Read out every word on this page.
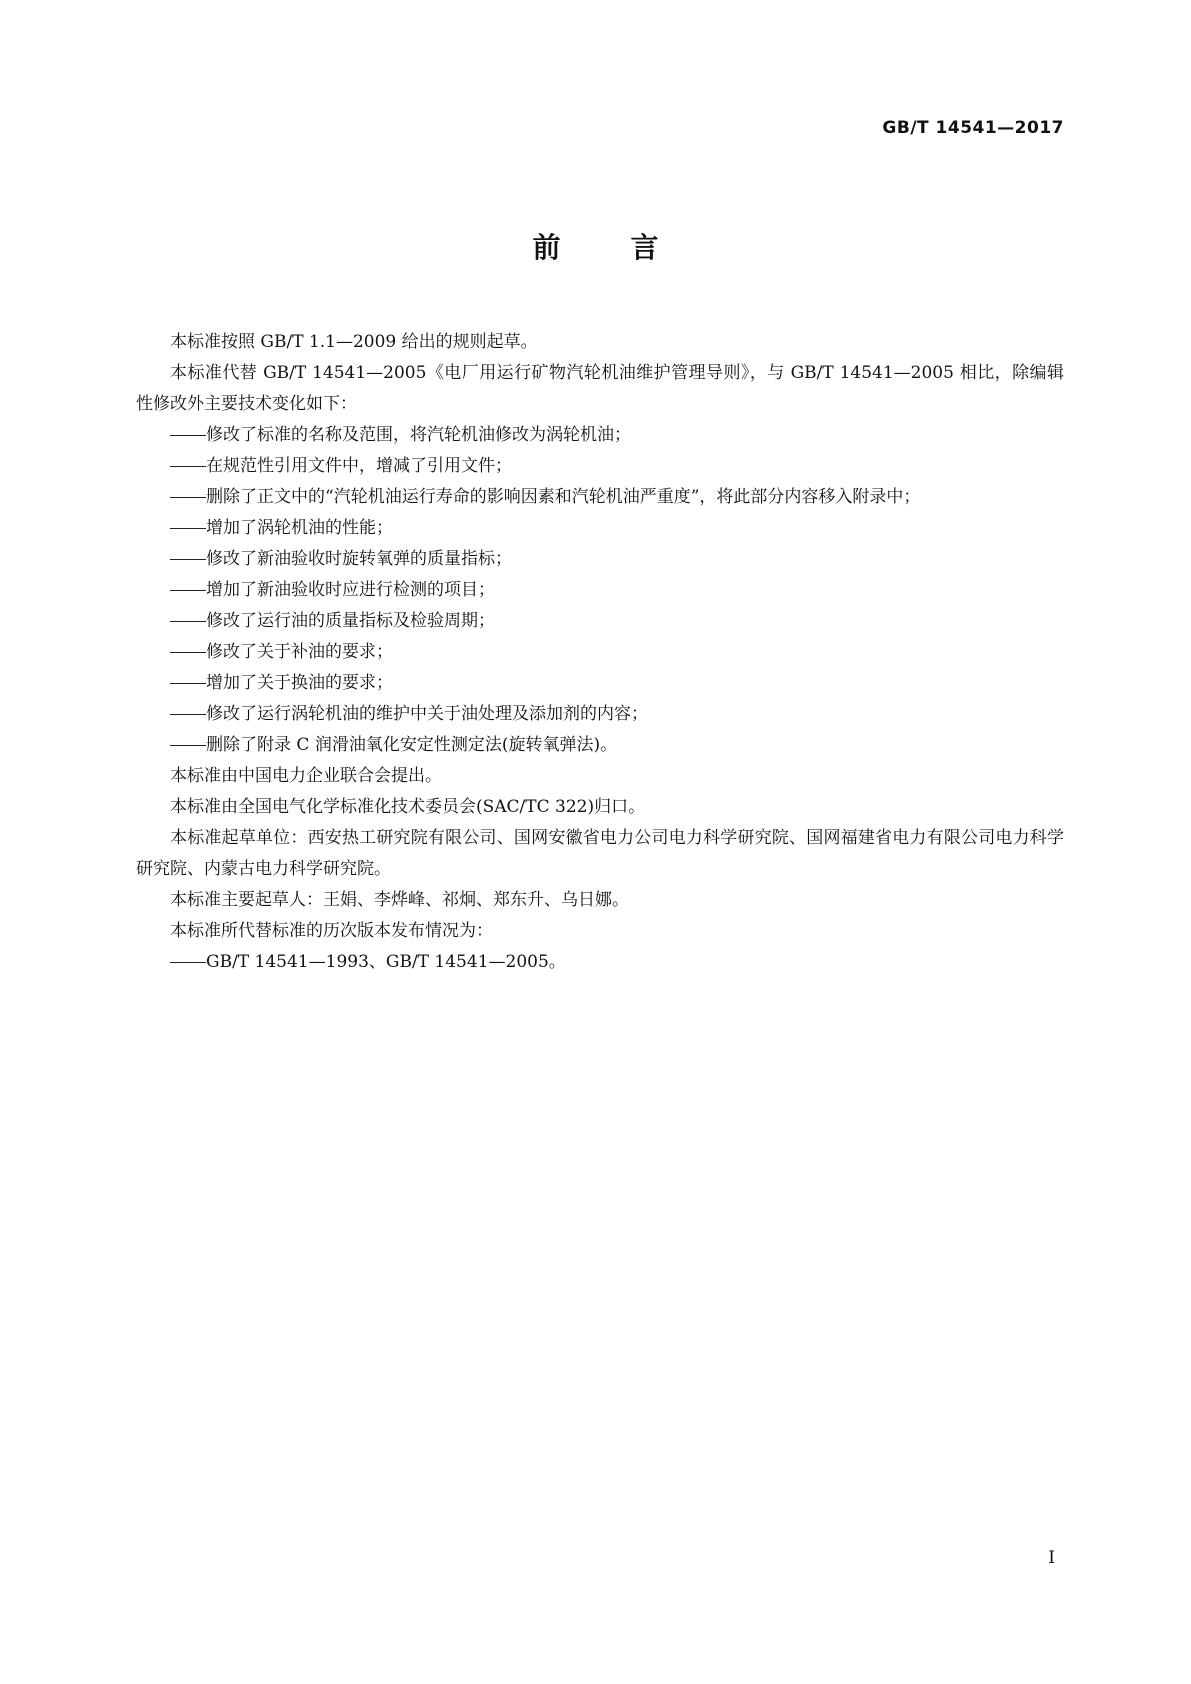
GB/T 14541—2017
前言

本标准按照 GB/T 1.1—2009 给出的规则起草。

本标准代替 GB/T 14541—2005《电厂用运行矿物汽轮机油维护管理导则》，与 GB/T 14541—2005 相比，除编辑性修改外主要技术变化如下：

修改了标准的名称及范围，将汽轮机油修改为涡轮机油；
在规范性引用文件中，增减了引用文件；
删除了正文中的“汽轮机油运行寿命的影响因素和汽轮机油严重度”，将此部分内容移入附录中；
增加了涡轮机油的性能；
修改了新油验收时旋转氧弹的质量指标；
增加了新油验收时应进行检测的项目；
修改了运行油的质量指标及检验周期；
修改了关于补油的要求；
增加了关于换油的要求；
修改了运行涡轮机油的维护中关于油处理及添加剂的内容；
删除了附录 C 润滑油氧化安定性测定法(旋转氧弹法)。

本标准由中国电力企业联合会提出。

本标准由全国电气化学标准化技术委员会(SAC/TC 322)归口。

本标准起草单位：西安热工研究院有限公司、国网安徽省电力公司电力科学研究院、国网福建省电力有限公司电力科学研究院、内蒙古电力科学研究院。

本标准主要起草人：王娟、李烨峰、祁炯、郑东升、乌日娜。

本标准所代替标准的历次版本发布情况为：

GB/T 14541—1993、GB/T 14541—2005。
I
